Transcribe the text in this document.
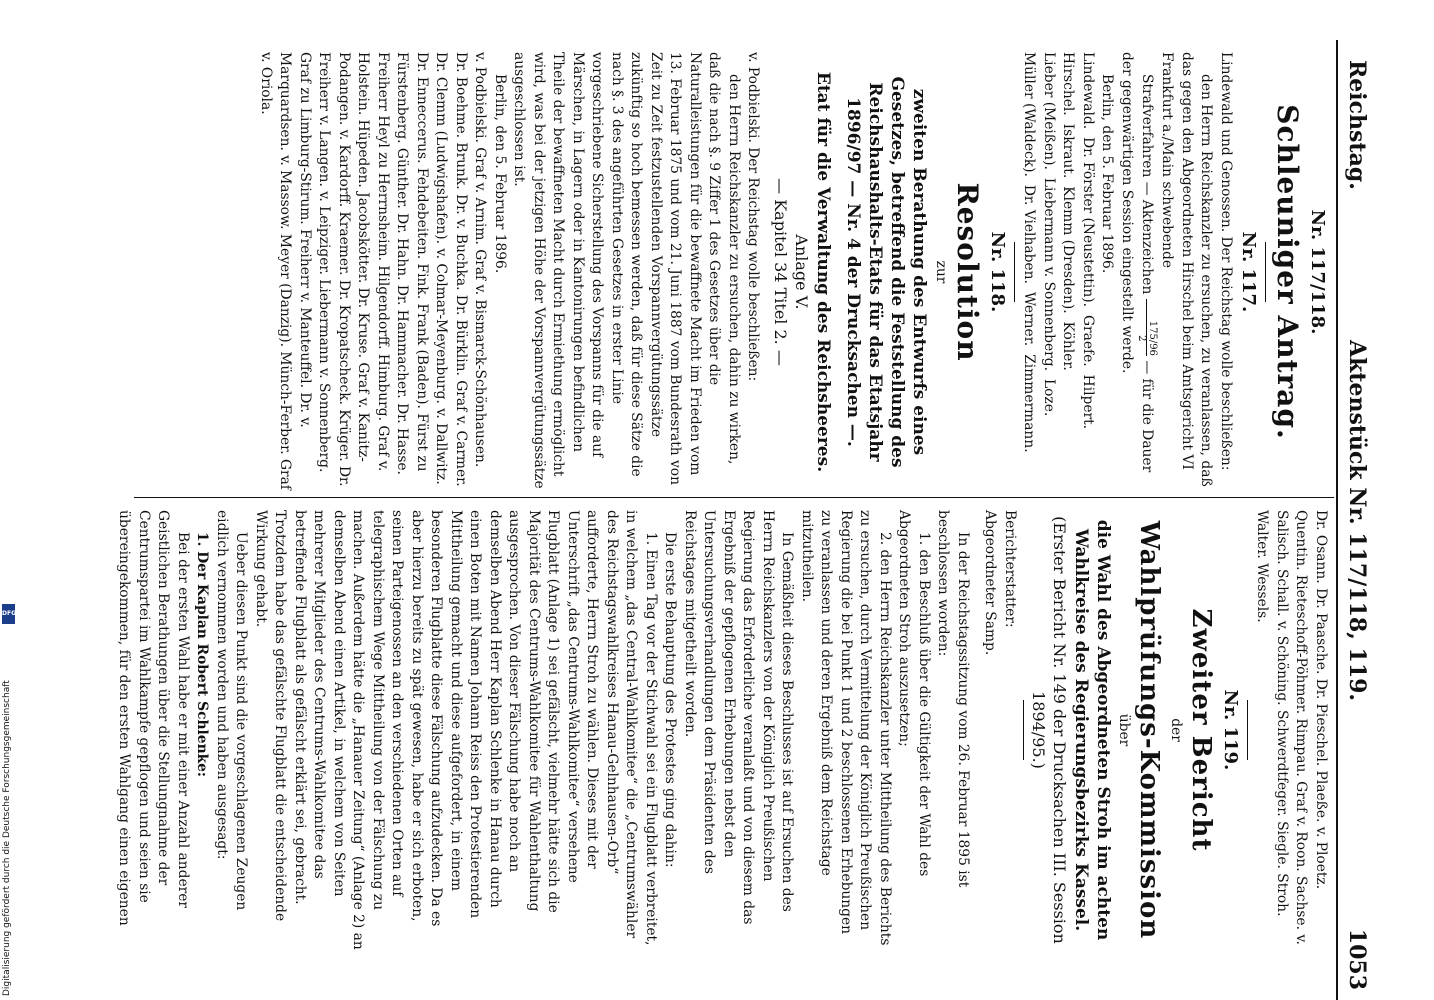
Reichstag.
Aktenstück Nr. 117/118, 119.
1053

Nr. 117/118.

Schleuniger Antrag.

Nr. 117.

Lindewald und Genossen. Der Reichstag wolle beschließen:

den Herrn Reichskanzler zu ersuchen, zu veranlassen, daß das gegen den Abgeordneten Hirschel beim Amtsgericht VI Frankfurt a./Main schwebende

Strafverfahren — Aktenzeichen
175/96
2
— für die Dauer der gegenwärtigen Session eingestellt werde.

Berlin, den 5. Februar 1896.

Lindewald.
Dr. Förster (Neustettin).
Graefe.
Hilpert.
Hirschel.
Iskraut.
Klemm (Dresden).
Köhler.
Lieber (Meißen).
Liebermann v. Sonnenberg.
Loze.
Müller (Waldeck).
Dr. Vielhaben.
Werner.
Zimmermann.

Nr. 118.

Resolution

zur

zweiten Berathung des Entwurfs eines Gesetzes, betreffend die Feststellung des Reichshaushalts-Etats für das Etatsjahr 1896/97 — Nr. 4 der Drucksachen —.

Etat für die Verwaltung des Reichsheeres.

Anlage V.

— Kapitel 34 Titel 2. —

v. Podbielski. Der Reichstag wolle beschließen:

den Herrn Reichskanzler zu ersuchen, dahin zu wirken, daß die nach §. 9 Ziffer 1 des Gesetzes über die Naturalleistungen für die bewaffnete Macht im Frieden vom 13. Februar 1875 und vom 21. Juni 1887 vom Bundesrath von Zeit zu Zeit festzustellenden Vorspannvergütungssätze zukünftig so hoch bemessen werden, daß für diese Sätze die nach §. 3 des angeführten Gesetzes in erster Linie vorgeschriebene Sicherstellung des Vorspanns für die auf Märschen, in Lagern oder in Kantonirungen befindlichen Theile der bewaffneten Macht durch Ermiethung ermöglicht wird, was bei der jetzigen Höhe der Vorspannvergütungssätze ausgeschlossen ist.

Berlin, den 5. Februar 1896.

v. Podbielski. Graf v. Arnim. Graf v. Bismarck-Schönhausen. Dr. Boehme. Brunk. Dr. v. Buchka. Dr. Bürklin. Graf v. Carmer. Dr. Clemm (Ludwigshafen). v. Colmar-Meyenburg. v. Dallwitz. Dr. Enneccerus. Fehdebeiten. Fink. Frank (Baden). Fürst zu Fürstenberg. Günther. Dr. Hahn. Dr. Hammacher. Dr. Hasse. Freiherr Heyl zu Herrnsheim. Hilgendorff. Himburg. Graf v. Holstein. Hüpeden. Jacobskötter. Dr. Kruse. Graf v. Kanitz-Podangen. v. Kardorff. Kraemer. Dr. Kropatscheck. Krüger. Dr. Freiherr v. Langen. v. Leipziger. Liebermann v. Sonnenberg. Graf zu Limburg-Stirum. Freiherr v. Manteuffel. Dr. v. Marquardsen. v. Massow. Meyer (Danzig). Münch-Ferber. Graf v. Oriola.

Dr. Osann. Dr. Paasche. Dr. Pieschel. Plaeße. v. Ploetz. Quentin. Rieteschoff-Pöhmer. Rimpau. Graf v. Roon. Sachse. v. Salisch. Schall. v. Schöning. Schwerdtfeger. Siegle. Stroh. Walter. Wessels.

Nr. 119.

Zweiter Bericht

der

Wahlprüfungs-Kommission

über

die Wahl des Abgeordneten Stroh im achten Wahlkreise des Regierungsbezirks Kassel.

(Erster Bericht Nr. 149 der Drucksachen III. Session 1894/95.)

Berichterstatter:

Abgeordneter Samp.

In der Reichstagssitzung vom 26. Februar 1895 ist beschlossen worden:

1. den Beschluß über die Gültigkeit der Wahl des Abgeordneten Stroh auszusetzen;

2. den Herrn Reichskanzler unter Mittheilung des Berichts zu ersuchen, durch Vermittelung der Königlich Preußischen Regierung die bei Punkt 1 und 2 beschlossenen Erhebungen zu veranlassen und deren Ergebniß dem Reichstage mitzutheilen.

In Gemäßheit dieses Beschlusses ist auf Ersuchen des Herrn Reichskanzlers von der Königlich Preußischen Regierung das Erforderliche veranlaßt und von diesem das Ergebniß der gepflogenen Erhebungen nebst den Untersuchungsverhandlungen dem Präsidenten des Reichstages mitgetheilt worden.

Die erste Behauptung des Protestes ging dahin:

1. Einen Tag vor der Stichwahl sei ein Flugblatt verbreitet, in welchem „das Central-Wahlkomitee“ die „Centrumswähler des Reichstagswahlkreises Hanau-Gelnhausen-Orb“ aufforderte, Herrn Stroh zu wählen. Dieses mit der Unterschrift „das Centrums-Wahlkomitee“ versehene Flugblatt (Anlage 1) sei gefälscht, vielmehr hätte sich die Majorität des Centrums-Wahlkomitee für Wahlenthaltung ausgesprochen. Von dieser Fälschung habe noch an demselben Abend Herr Kaplan Schlenke in Hanau durch einen Boten mit Namen Johann Reiss den Protestierenden Mittheilung gemacht und diese aufgefordert, in einem besonderen Flugblatte diese Fälschung aufzudecken. Da es aber hierzu bereits zu spät gewesen, habe er sich erboten, seinen Parteigenossen an den verschiedenen Orten auf telegraphischem Wege Mittheilung von der Fälschung zu machen. Außerdem hätte die „Hanauer Zeitung“ (Anlage 2) an demselben Abend einen Artikel, in welchem von Seiten mehrerer Mitglieder des Centrums-Wahlkomitee das betreffende Flugblatt als gefälscht erklärt sei, gebracht. Trotzdem habe das gefälschte Flugblatt die entscheidende Wirkung gehabt.

Ueber diesen Punkt sind die vorgeschlagenen Zeugen eidlich vernommen worden und haben ausgesagt:

1. Der Kaplan Robert Schlenke:

Bei der ersten Wahl habe er mit einer Anzahl anderer Geistlichen Berathungen über die Stellungnahme der Centrumspartei im Wahlkampfe gepflogen und seien sie übereingekommen, für den ersten Wahlgang einen eigenen

DFG
Digitalisierung gefördert durch die Deutsche Forschungsgemeinschaft
